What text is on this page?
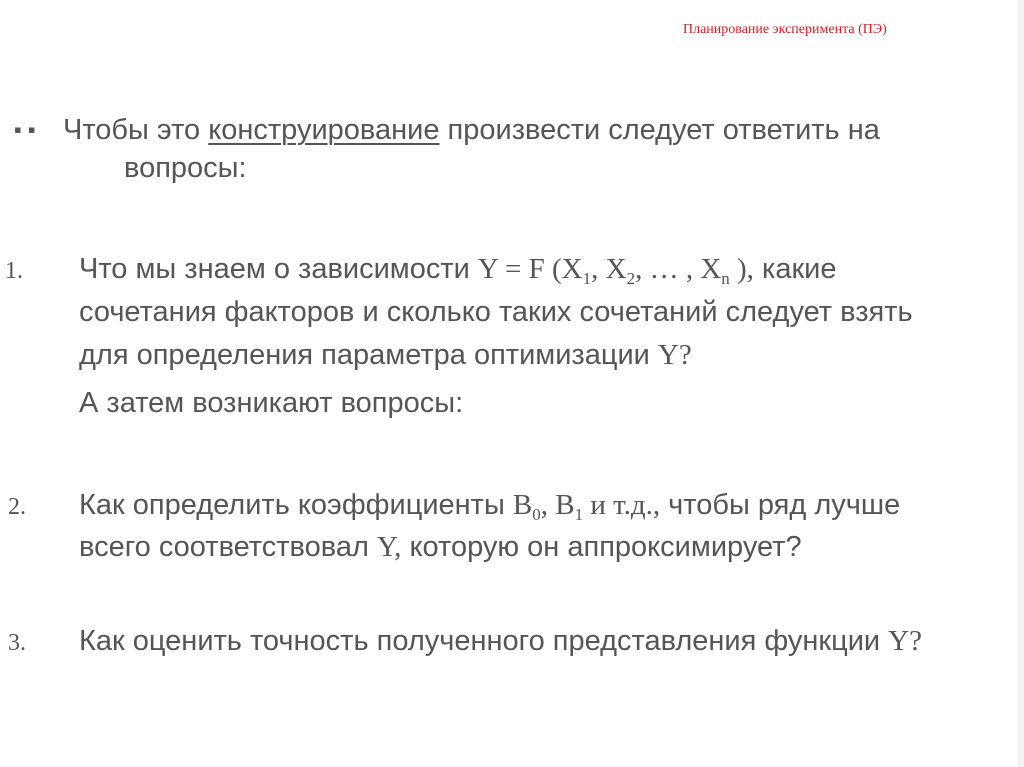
Планирование эксперимента (ПЭ)
▪ ▪ Чтобы это конструирование произвести следует ответить на
вопросы:
1. Что мы знаем о зависимости Y = F ($X_1$, $X_2$, … , $X_n$ ), какие
сочетания факторов и сколько таких сочетаний следует взять
для определения параметра оптимизации Y?
А затем возникают вопросы:
2. Как определить коэффициенты $B_0$, $B_1$ и т.д., чтобы ряд лучше
всего соответствовал Y, которую он аппроксимирует?
3. Как оценить точность полученного представления функции Y?
